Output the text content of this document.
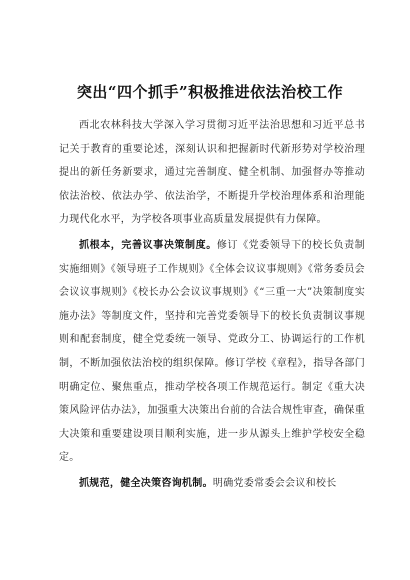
突出“四个抓手”积极推进依法治校工作

西北农林科技大学深入学习贯彻习近平法治思想和习近平总书记关于教育的重要论述，深刻认识和把握新时代新形势对学校治理提出的新任务新要求，通过完善制度、健全机制、加强督办等推动依法治校、依法办学、依法治学，不断提升学校治理体系和治理能力现代化水平，为学校各项事业高质量发展提供有力保障。

抓根本，完善议事决策制度。修订《党委领导下的校长负责制实施细则》《领导班子工作规则》《全体会议议事规则》《常务委员会会议议事规则》《校长办公会议议事规则》《“三重一大”决策制度实施办法》等制度文件，坚持和完善党委领导下的校长负责制议事规则和配套制度，健全党委统一领导、党政分工、协调运行的工作机制，不断加强依法治校的组织保障。修订学校《章程》，指导各部门明确定位、聚焦重点，推动学校各项工作规范运行。制定《重大决策风险评估办法》，加强重大决策出台前的合法合规性审查，确保重大决策和重要建设项目顺利实施，进一步从源头上维护学校安全稳定。

抓规范，健全决策咨询机制。明确党委常委会会议和校长
